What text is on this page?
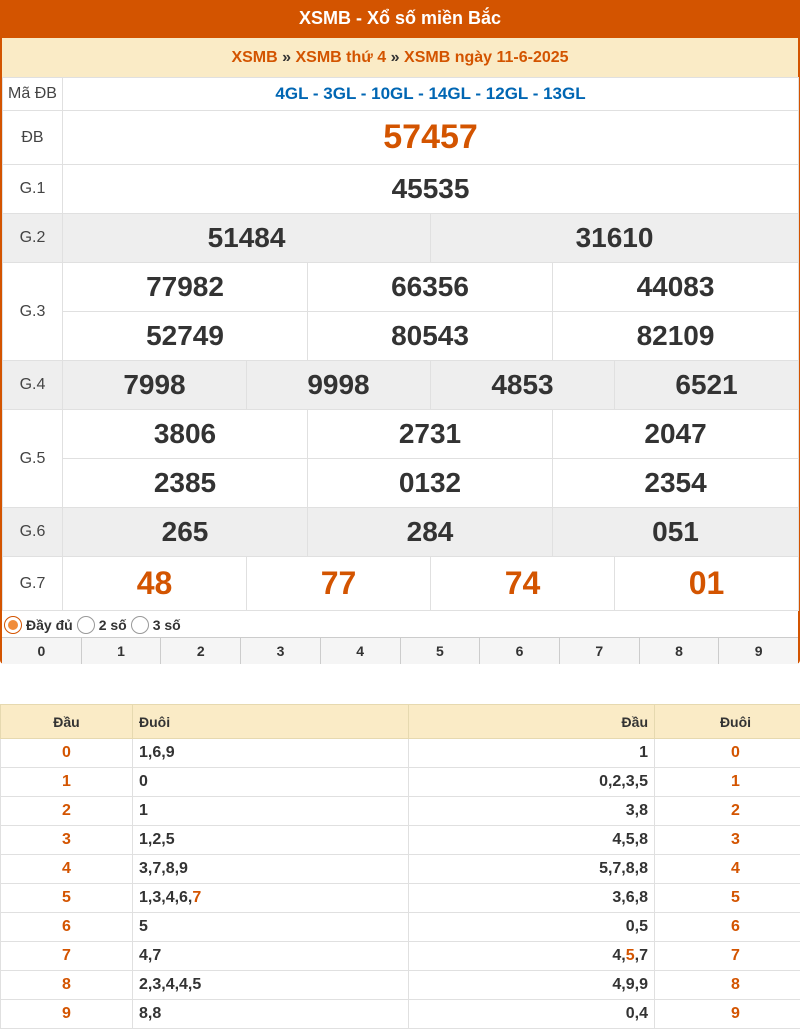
XSMB - Xổ số miền Bắc
XSMB » XSMB thứ 4 » XSMB ngày 11-6-2025
Mã ĐB	4GL - 3GL - 10GL - 14GL - 12GL - 13GL					
ĐB	57457					
G.1	45535					
G.2	51484			31610		
G.3	77982		66356		44083	
	52749		80543		82109	
G.4	7998	9998		4853		6521
G.5	3806		2731		2047	
	2385		0132		2354	
G.6	265		284		051	
G.7	48	77		74		01
Đầy đủ 2 số 3 số
0	1	2	3	4	5	6	7	8	9
Đầu	Đuôi	Đầu	Đuôi
0	1,6,9	1	0
1	0	0,2,3,5	1
2	1	3,8	2
3	1,2,5	4,5,8	3
4	3,7,8,9	5,7,8,8	4
5	1,3,4,6,7	3,6,8	5
6	5	0,5	6
7	4,7	4,5,7	7
8	2,3,4,4,5	4,9,9	8
9	8,8	0,4	9
